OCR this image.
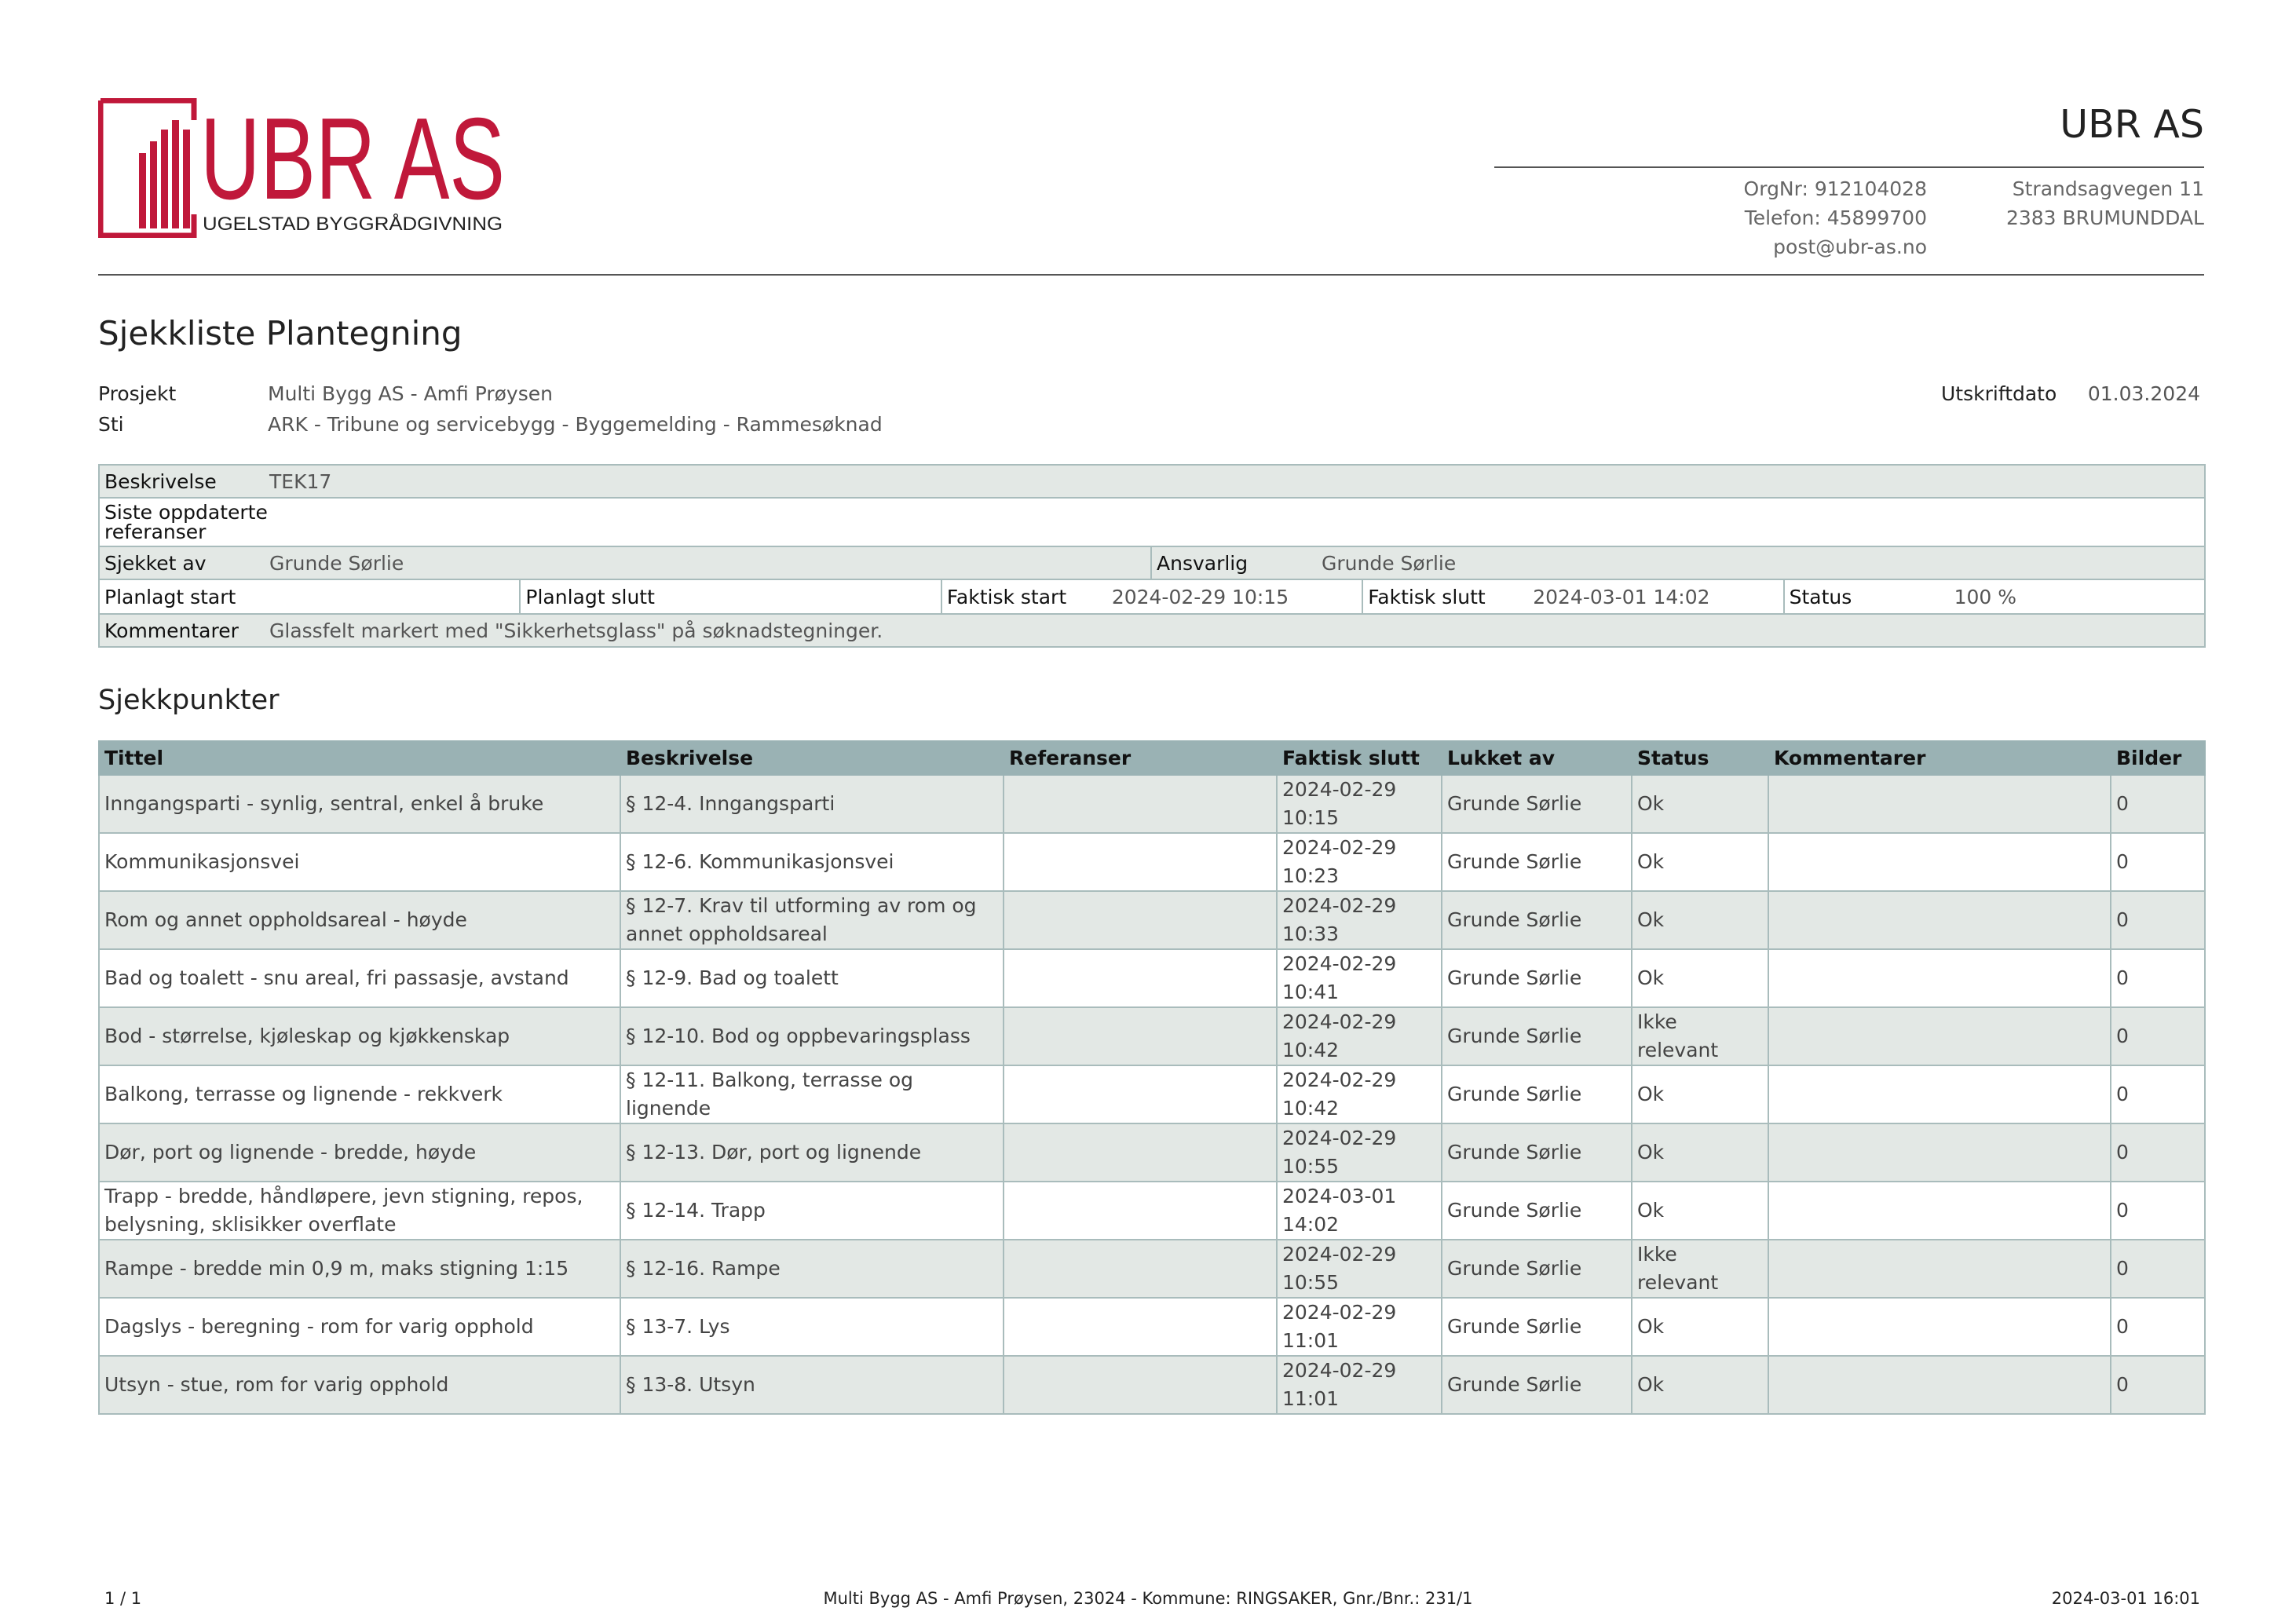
UBR AS
UGELSTAD BYGGRÅDGIVNING
UBR AS
OrgNr: 912104028
Telefon: 45899700
post@ubr-as.no
Strandsagvegen 11
2383 BRUMUNDDAL
Sjekkliste Plantegning
Prosjekt	Multi Bygg AS - Amfi Prøysen
Sti	ARK - Tribune og servicebygg - Byggemelding - Rammesøknad
Utskriftdato 01.03.2024
Beskrivelse	TEK17

Siste oppdaterte
referanser

Sjekket av	Grunde Sørlie	Ansvarlig	Grunde Sørlie

Planlagt start	Planlagt slutt	Faktisk start	2024-02-29 10:15	Faktisk slutt	2024-03-01 14:02	Status	100 %

Kommentarer	Glassfelt markert med "Sikkerhetsglass" på søknadstegninger.
Sjekkpunkter
Tittel	Beskrivelse	Referanser	Faktisk slutt	Lukket av	Status	Kommentarer	Bilder
Inngangsparti - synlig, sentral, enkel å bruke	§ 12-4. Inngangsparti		2024-02-29 10:15	Grunde Sørlie	Ok		0
Kommunikasjonsvei	§ 12-6. Kommunikasjonsvei		2024-02-29 10:23	Grunde Sørlie	Ok		0
Rom og annet oppholdsareal - høyde	§ 12-7. Krav til utforming av rom og annet oppholdsareal		2024-02-29 10:33	Grunde Sørlie	Ok		0
Bad og toalett - snu areal, fri passasje, avstand	§ 12-9. Bad og toalett		2024-02-29 10:41	Grunde Sørlie	Ok		0
Bod - størrelse, kjøleskap og kjøkkenskap	§ 12-10. Bod og oppbevaringsplass		2024-02-29 10:42	Grunde Sørlie	Ikke relevant		0
Balkong, terrasse og lignende - rekkverk	§ 12-11. Balkong, terrasse og lignende		2024-02-29 10:42	Grunde Sørlie	Ok		0
Dør, port og lignende - bredde, høyde	§ 12-13. Dør, port og lignende		2024-02-29 10:55	Grunde Sørlie	Ok		0
Trapp - bredde, håndløpere, jevn stigning, repos, belysning, sklisikker overflate	§ 12-14. Trapp		2024-03-01 14:02	Grunde Sørlie	Ok		0
Rampe - bredde min 0,9 m, maks stigning 1:15	§ 12-16. Rampe		2024-02-29 10:55	Grunde Sørlie	Ikke relevant		0
Dagslys - beregning - rom for varig opphold	§ 13-7. Lys		2024-02-29 11:01	Grunde Sørlie	Ok		0
Utsyn - stue, rom for varig opphold	§ 13-8. Utsyn		2024-02-29 11:01	Grunde Sørlie	Ok		0
1 / 1	Multi Bygg AS - Amfi Prøysen, 23024 - Kommune: RINGSAKER, Gnr./Bnr.: 231/1	2024-03-01 16:01
